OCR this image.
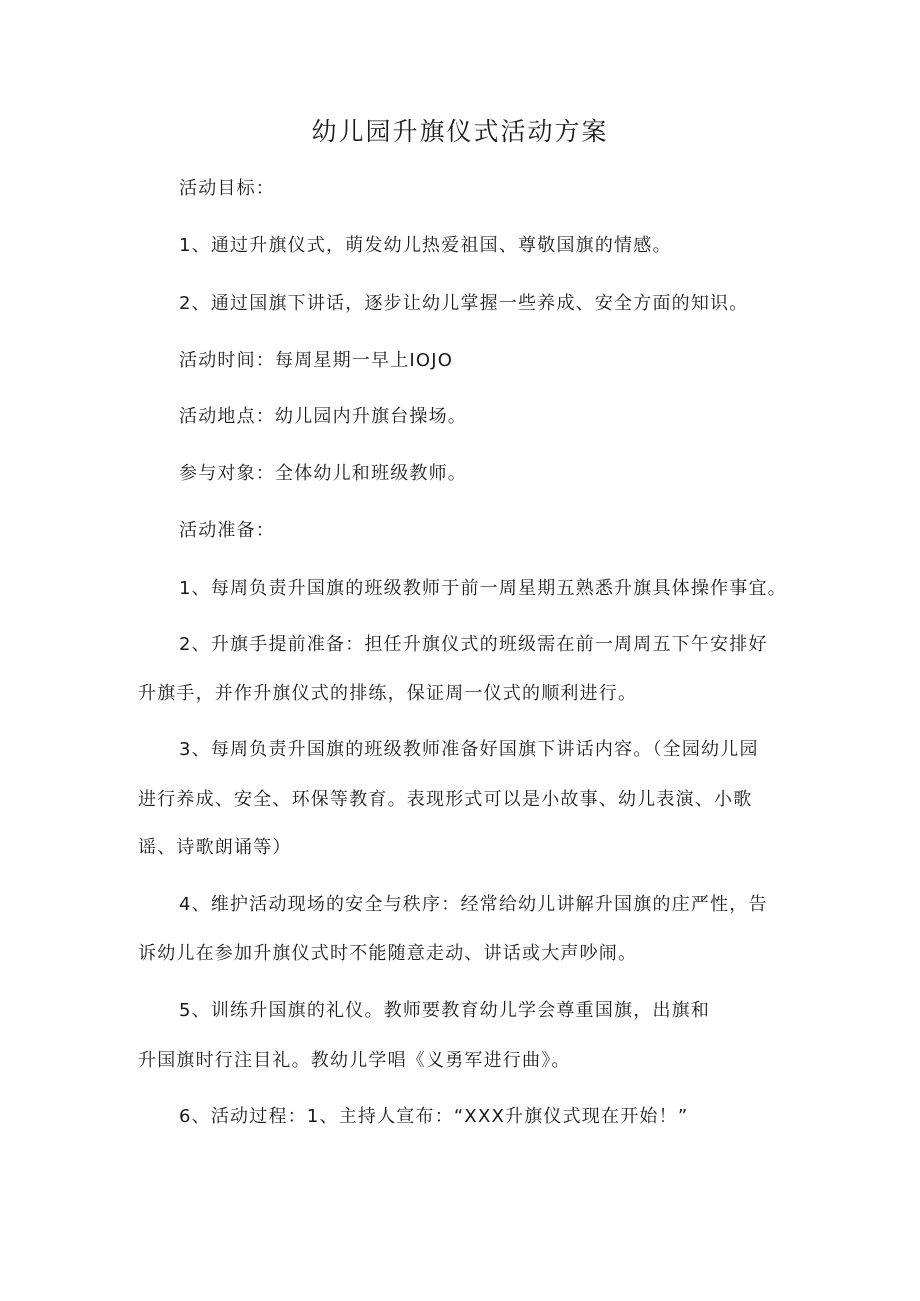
幼儿园升旗仪式活动方案
活动目标：
1、通过升旗仪式，萌发幼儿热爱祖国、尊敬国旗的情感。
2、通过国旗下讲话，逐步让幼儿掌握一些养成、安全方面的知识。
活动时间：每周星期一早上IOJO
活动地点：幼儿园内升旗台操场。
参与对象：全体幼儿和班级教师。
活动准备：
1、每周负责升国旗的班级教师于前一周星期五熟悉升旗具体操作事宜。
2、升旗手提前准备：担任升旗仪式的班级需在前一周周五下午安排好
升旗手，并作升旗仪式的排练，保证周一仪式的顺利进行。
3、每周负责升国旗的班级教师准备好国旗下讲话内容。（全园幼儿园
进行养成、安全、环保等教育。表现形式可以是小故事、幼儿表演、小歌
谣、诗歌朗诵等）
4、维护活动现场的安全与秩序：经常给幼儿讲解升国旗的庄严性，告
诉幼儿在参加升旗仪式时不能随意走动、讲话或大声吵闹。
5、训练升国旗的礼仪。教师要教育幼儿学会尊重国旗，出旗和
升国旗时行注目礼。教幼儿学唱《义勇军进行曲》。
6、活动过程：1、主持人宣布：“XXX升旗仪式现在开始！”
